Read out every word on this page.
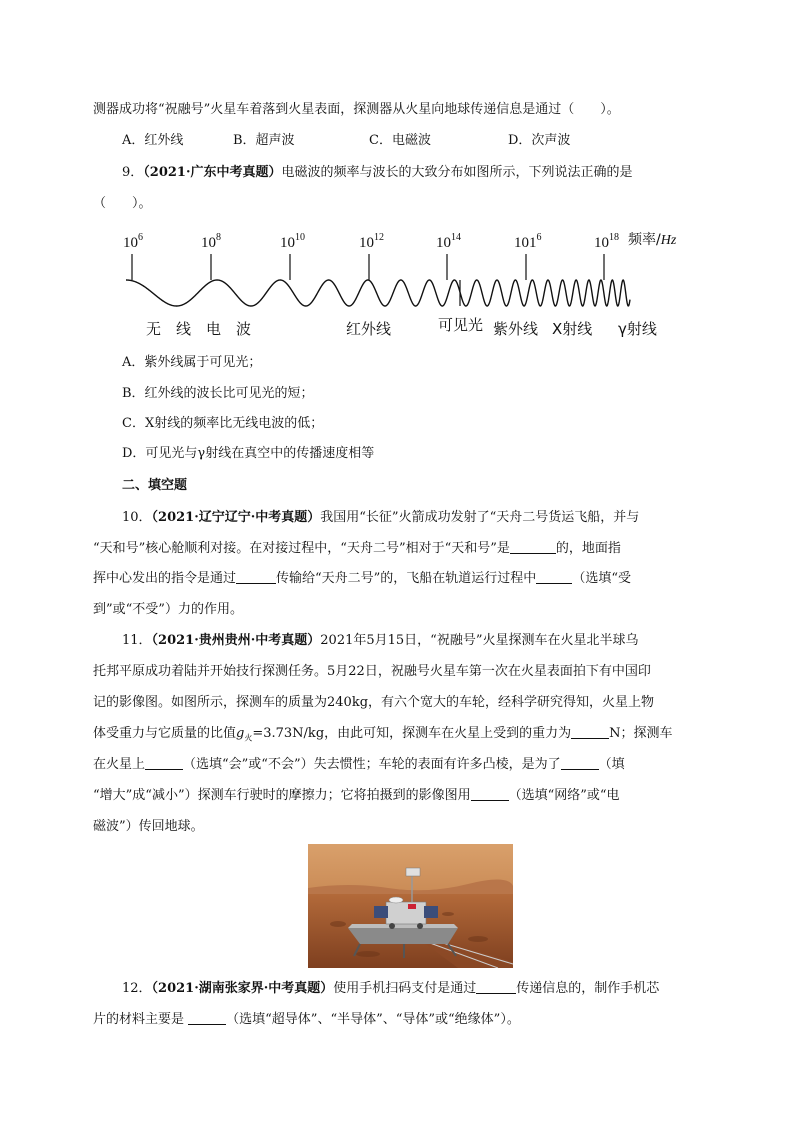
测器成功将“祝融号”火星车着落到火星表面，探测器从火星向地球传递信息是通过（　　）。
A．红外线	B．超声波	C．电磁波	D．次声波
9．（2021·广东中考真题）电磁波的频率与波长的大致分布如图所示，下列说法正确的是
（　　）。
$10^6$	$10^8$	$10^{10}$	$10^{12}$	$10^{14}$	$101^6$	$10^{18}$ 频率/Hz
无　线　电　波	红外线	可见光 紫外线 X射线 γ射线
A．紫外线属于可见光；
B．红外线的波长比可见光的短；
C．X射线的频率比无线电波的低；
D．可见光与γ射线在真空中的传播速度相等
二、填空题
10．（2021·辽宁辽宁·中考真题）我国用“长征”火箭成功发射了“天舟二号货运飞船，并与
“天和号”核心舱顺利对接。在对接过程中，“天舟二号”相对于“天和号”是	的，地面指
挥中心发出的指令是通过	传输给“天舟二号”的，飞船在轨道运行过程中	（选填“受
到”或“不受”）力的作用。
11．（2021·贵州贵州·中考真题）2021年5月15日，“祝融号”火星探测车在火星北半球乌
托邦平原成功着陆并开始技行探测任务。5月22日，祝融号火星车第一次在火星表面拍下有中国印
记的影像图。如图所示，探测车的质量为240kg，有六个宽大的车轮，经科学研究得知，火星上物
体受重力与它质量的比值$g_火=3.73N/kg$，由此可知，探测车在火星上受到的重力为	N；探测车
在火星上	（选填“会”或“不会”）失去惯性；车轮的表面有许多凸棱，是为了	（填
“增大”成“减小”）探测车行驶时的摩擦力；它将拍摄到的影像图用	（选填“网络”或“电
磁波”）传回地球。
12．（2021·湖南张家界·中考真题）使用手机扫码支付是通过	传递信息的，制作手机芯
片的材料主要是	（选填“超导体”、“半导体”、“导体”或“绝缘体”）。
